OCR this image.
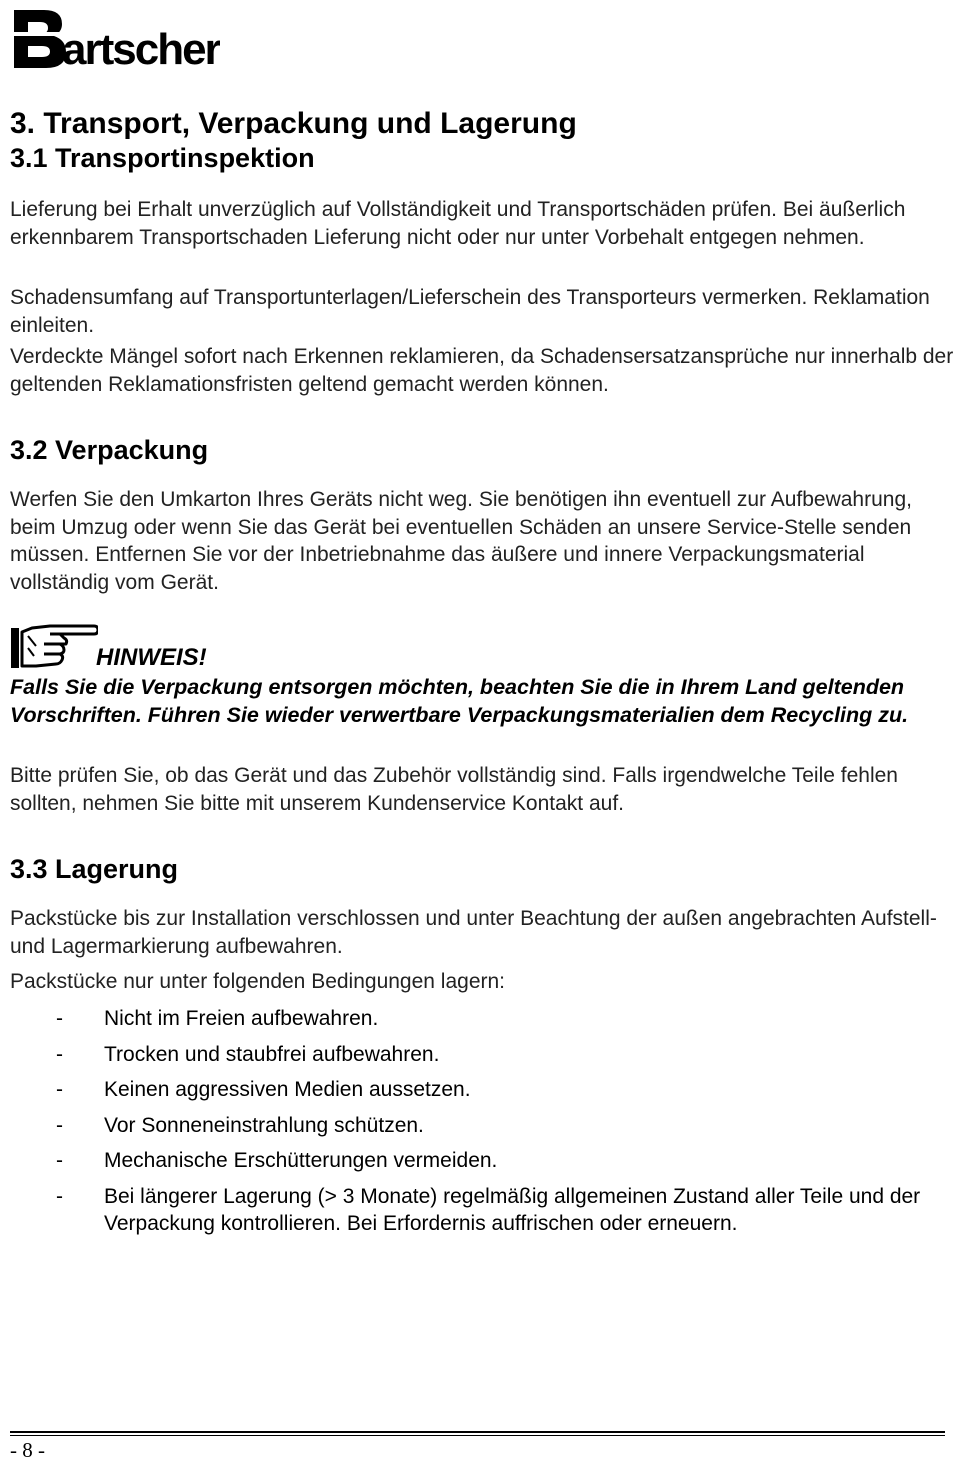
artscher
3. Transport, Verpackung und Lagerung
3.1 Transportinspektion

Lieferung bei Erhalt unverzüglich auf Vollständigkeit und Transportschäden prüfen. Bei äußerlich erkennbarem Transportschaden Lieferung nicht oder nur unter Vorbehalt entgegen nehmen.

Schadensumfang auf Transportunterlagen/Lieferschein des Transporteurs vermerken. Reklamation einleiten.

Verdeckte Mängel sofort nach Erkennen reklamieren, da Schadensersatzansprüche nur innerhalb der geltenden Reklamationsfristen geltend gemacht werden können.

3.2 Verpackung

Werfen Sie den Umkarton Ihres Geräts nicht weg. Sie benötigen ihn eventuell zur Aufbewahrung, beim Umzug oder wenn Sie das Gerät bei eventuellen Schäden an unsere Service-Stelle senden müssen. Entfernen Sie vor der Inbetriebnahme das äußere und innere Verpackungsmaterial vollständig vom Gerät.

HINWEIS!
Falls Sie die Verpackung entsorgen möchten, beachten Sie die in Ihrem Land geltenden Vorschriften. Führen Sie wieder verwertbare Verpackungsmaterialien dem Recycling zu.

Bitte prüfen Sie, ob das Gerät und das Zubehör vollständig sind. Falls irgendwelche Teile fehlen sollten, nehmen Sie bitte mit unserem Kundenservice Kontakt auf.

3.3 Lagerung

Packstücke bis zur Installation verschlossen und unter Beachtung der außen angebrachten Aufstell- und Lagermarkierung aufbewahren.

Packstücke nur unter folgenden Bedingungen lagern:

- Nicht im Freien aufbewahren.
- Trocken und staubfrei aufbewahren.
- Keinen aggressiven Medien aussetzen.
- Vor Sonneneinstrahlung schützen.
- Mechanische Erschütterungen vermeiden.
- Bei längerer Lagerung (> 3 Monate) regelmäßig allgemeinen Zustand aller Teile und der Verpackung kontrollieren. Bei Erfordernis auffrischen oder erneuern.
- 8 -
